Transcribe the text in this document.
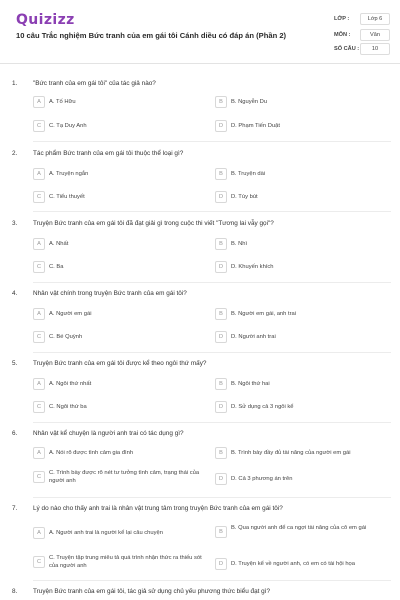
Quizizz
10 câu Trắc nghiệm Bức tranh của em gái tôi Cánh diều có đáp án (Phần 2)
LỚP :	Lớp 6
MÔN :	Văn
SỐ CÂU :	10
1. "Bức tranh của em gái tôi" của tác giả nào?
A	A. Tố Hữu	B	B. Nguyễn Du
C	C. Tạ Duy Anh	D	D. Phạm Tiến Duật
2. Tác phẩm Bức tranh của em gái tôi thuộc thể loại gì?
A	A. Truyện ngắn	B	B. Truyện dài
C	C. Tiểu thuyết	D	D. Tùy bút
3. Truyện Bức tranh của em gái tôi đã đạt giải gì trong cuộc thi viết "Tương lai vẫy gọi"?
A	A. Nhất	B	B. Nhì
C	C. Ba	D	D. Khuyến khích
4. Nhân vật chính trong truyện Bức tranh của em gái tôi?
A	A. Người em gái	B	B. Người em gái, anh trai
C	C. Bé Quỳnh	D	D. Người anh trai
5. Truyện Bức tranh của em gái tôi được kể theo ngôi thứ mấy?
A	A. Ngôi thứ nhất	B	B. Ngôi thứ hai
C	C. Ngôi thứ ba	D	D. Sử dụng cả 3 ngôi kể
6. Nhân vật kể chuyện là người anh trai có tác dụng gì?
A	A. Nói rõ được tình cảm gia đình	B	B. Trình bày đầy đủ tài năng của người em gái
C
C. Trình bày được rõ nét tư tưởng tình cảm, trạng thái của người anh	D	D. Cả 3 phương án trên
7. Lý do nào cho thấy anh trai là nhân vật trung tâm trong truyện Bức tranh của em gái tôi?
A	A. Người anh trai là người kể lại câu chuyện	B
B. Qua người anh để ca ngợi tài năng của cô em gái
C
C. Truyện tập trung miêu tả quá trình nhận thức ra thiếu sót của người anh	D	D. Truyện kể về người anh, có em có tài hội họa
8. Truyện Bức tranh của em gái tôi, tác giả sử dụng chủ yếu phương thức biểu đạt gì?
